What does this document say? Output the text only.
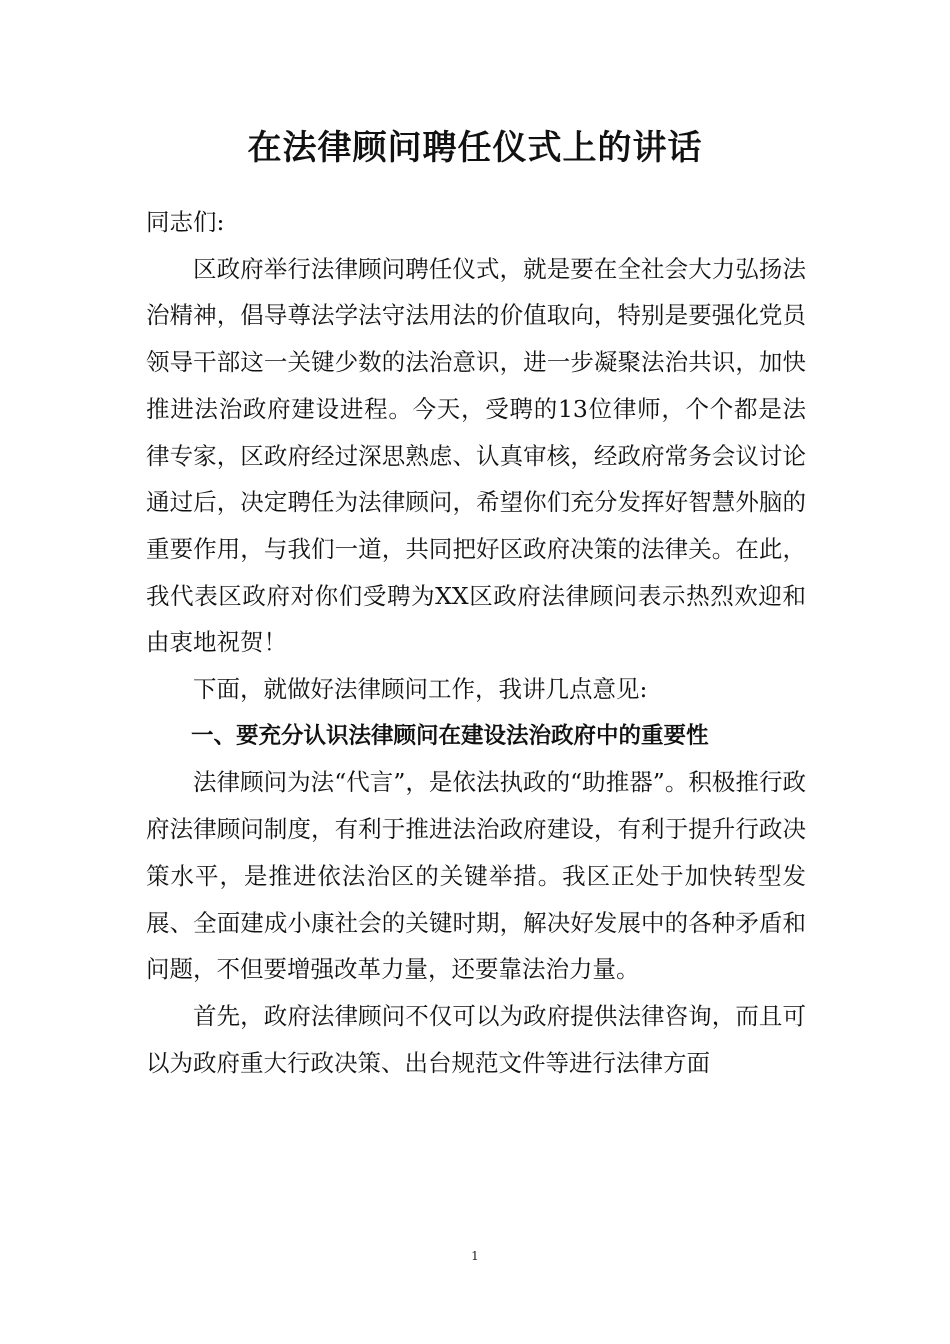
在法律顾问聘任仪式上的讲话

同志们:

区政府举行法律顾问聘任仪式，就是要在全社会大力弘扬法治精神，倡导尊法学法守法用法的价值取向，特别是要强化党员领导干部这一关键少数的法治意识，进一步凝聚法治共识，加快推进法治政府建设进程。今天，受聘的13位律师，个个都是法律专家，区政府经过深思熟虑、认真审核，经政府常务会议讨论通过后，决定聘任为法律顾问，希望你们充分发挥好智慧外脑的重要作用，与我们一道，共同把好区政府决策的法律关。在此，我代表区政府对你们受聘为XX区政府法律顾问表示热烈欢迎和由衷地祝贺！

下面，就做好法律顾问工作，我讲几点意见:

一、要充分认识法律顾问在建设法治政府中的重要性

法律顾问为法“代言”，是依法执政的“助推器”。积极推行政府法律顾问制度，有利于推进法治政府建设，有利于提升行政决策水平，是推进依法治区的关键举措。我区正处于加快转型发展、全面建成小康社会的关键时期，解决好发展中的各种矛盾和问题，不但要增强改革力量，还要靠法治力量。

首先，政府法律顾问不仅可以为政府提供法律咨询，而且可以为政府重大行政决策、出台规范文件等进行法律方面

1
